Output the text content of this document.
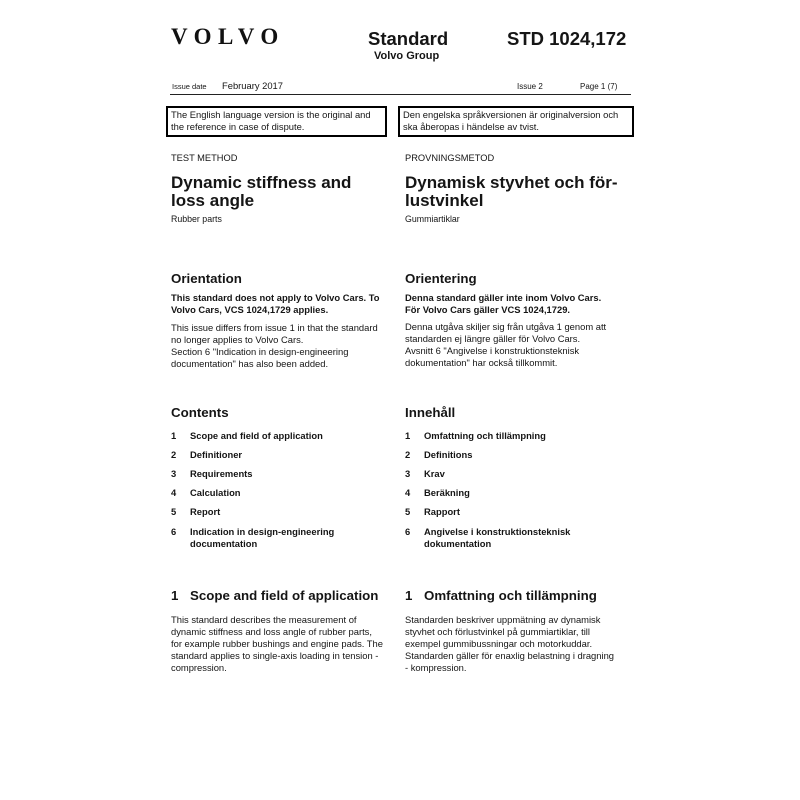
VOLVO	Standard
Volvo Group
STD 1024,172
Issue date February 2017	Issue 2	Page 1 (7)
The English language version is the original and
the reference in case of dispute.
Den engelska språkversionen är originalversion och
ska åberopas i händelse av tvist.
TEST METHOD	PROVNINGSMETOD
Dynamic stiffness and
loss angle
Dynamisk styvhet och för-
lustvinkel
Rubber parts	Gummiartiklar
Orientation	Orientering
This standard does not apply to Volvo Cars. To
Volvo Cars, VCS 1024,1729 applies.
Denna standard gäller inte inom Volvo Cars.
För Volvo Cars gäller VCS 1024,1729.
This issue differs from issue 1 in that the standard
no longer applies to Volvo Cars.
Section 6 "Indication in design-engineering
documentation" has also been added.
Denna utgåva skiljer sig från utgåva 1 genom att
standarden ej längre gäller för Volvo Cars.
Avsnitt 6 "Angivelse i konstruktionsteknisk
dokumentation" har också tillkommit.
Contents	Innehåll
1 Scope and field of application
2 Definitioner
3 Requirements
4 Calculation
5 Report
6 Indication in design-engineering
documentation
1 Omfattning och tillämpning
2 Definitions
3 Krav
4 Beräkning
5 Rapport
6 Angivelse i konstruktionsteknisk
dokumentation
1 Scope and field of application 1 Omfattning och tillämpning
This standard describes the measurement of
dynamic stiffness and loss angle of rubber parts,
for example rubber bushings and engine pads. The
standard applies to single-axis loading in tension -
compression.
Standarden beskriver uppmätning av dynamisk
styvhet och förlustvinkel på gummiartiklar, till
exempel gummibussningar och motorkuddar.
Standarden gäller för enaxlig belastning i dragning
- kompression.
